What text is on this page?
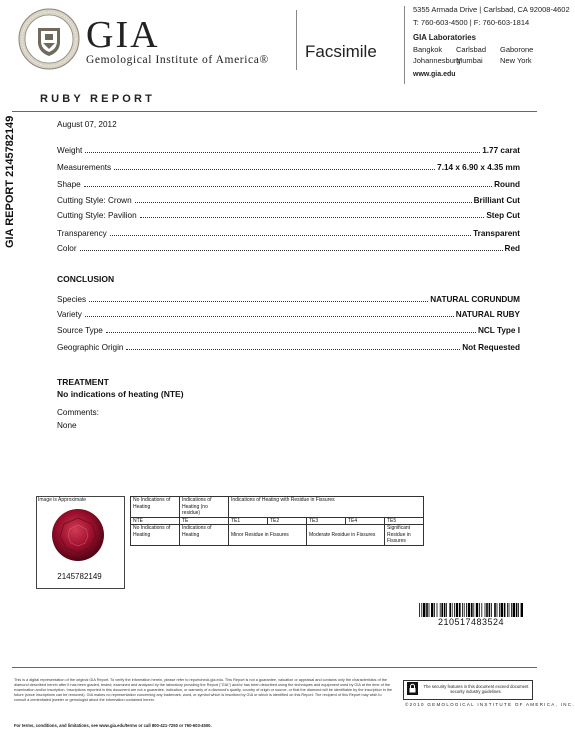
GIA
Gemological Institute of America® Facsimile
5355 Armada Drive | Carlsbad, CA 92008-4602
T: 760-603-4500 | F: 760-603-1814
GIA Laboratories
Bangkok Carlsbad Gaborone
Johannesburg
Mumbai New York
www.gia.edu
RUBY REPORT
GIA REPORT 2145782149	August 07, 2012
Weight	1.77 carat
Measurements	7.14 x 6.90 x 4.35 mm
Shape	Round
Cutting Style: Crown	Brilliant Cut
Cutting Style: Pavilion	Step Cut
Transparency	Transparent
Color	Red
CONCLUSION
Species	NATURAL CORUNDUM
Variety	NATURAL RUBY
Source Type	NCL Type I
Geographic Origin	Not Requested
TREATMENT
No indications of heating (NTE)
Comments:
None
Image is Approximate
2145782149
No Indications of Heating	Indications of Heating (no residue)	Indications of Heating with Residue in Fissures				
NTE	TE	TE1	TE2	TE3	TE4	TE5
No Indications of Heating	Indications of Heating	Minor Residue in Fissures		Moderate Residue in Fissures		Significant Residue in Fissures
210517483524
This is a digital representation of the original GIA Report. To verify the information herein, please refer to reportcheck.gia.edu. This Report is not a guarantee, valuation or appraisal and contains only the characteristics of the diamond described herein after it has been graded, tested, examined and analyzed by the laboratory providing the Report ("GIA") and/or has been described using the techniques and equipment used by GIA at the time of the examination and/or inscription. Inscriptions reported in this document are not a guarantee, indication, or warranty of a diamond's quality, country of origin or source, or that the diamond will be identifiable by the inscription in the future (since inscriptions can be removed). GIA makes no representation concerning any trademark, word, or symbol which is inscribed by GIA or which is identified on this Report. The recipient of this Report may wish to consult a credentialed jeweler or gemologist about the information contained herein.
For terms, conditions, and limitations, see www.gia.edu/terms or call 800-421-7250 or 760-603-4500.
The security features in this document exceed document security industry guidelines.
©2010 GEMOLOGICAL INSTITUTE OF AMERICA, INC.
